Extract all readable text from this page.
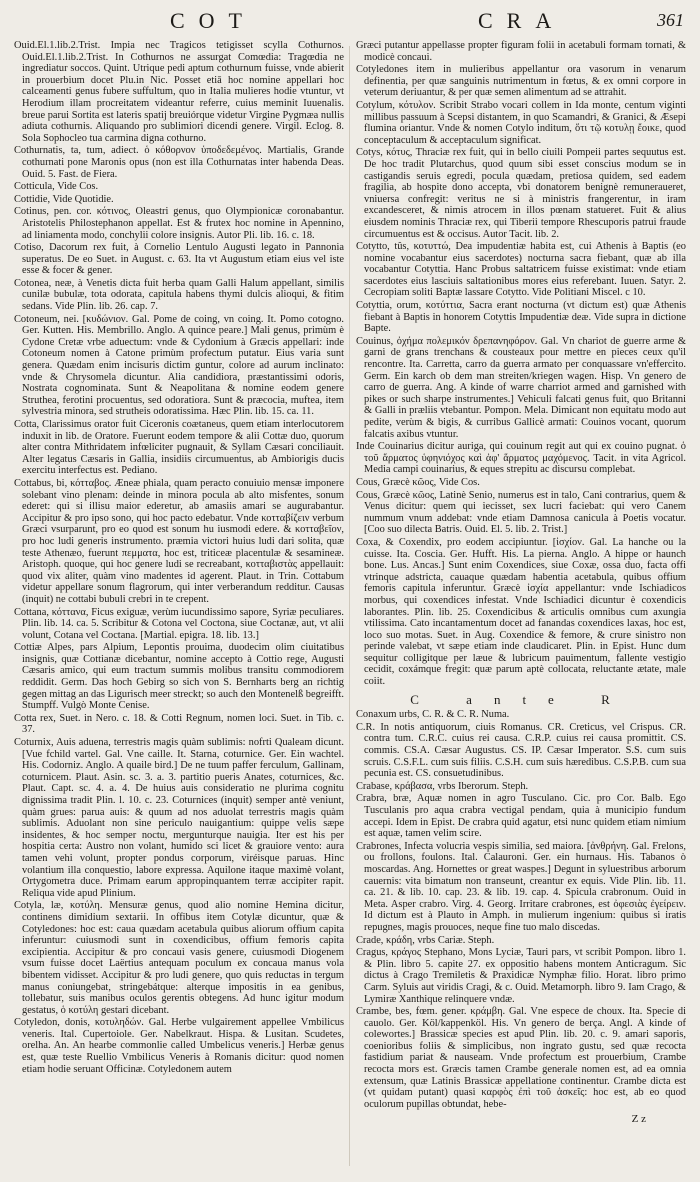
COT	CRA	361

Ouid.El.1.lib.2.Trist. Impia nec Tragicos tetigisset scylla Cothurnos. Ouid.El.1.lib.2.Trist. In Cothurnos ne assurgat Comœdia: Tragœdia ne ingrediatur soccos. Quint. Utrique pedi aptum cothurnum fuisse, vnde abierit in prouerbium docet Plu.in Nic. Posset etiā hoc nomine appellari hoc calceamenti genus fubere suffultum, quo in Italia mulieres hodie vtuntur, vt Herodium illam procreitatem videantur referre, cuius meminit Iuuenalis. breue parui Sortita est lateris spatij breuiórque videtur Virgine Pygmæa nullis adiuta cothurnis. Aliquando pro sublimiori dicendi genere. Virgil. Eclog. 8. Sola Sophocleo tua carmina digna cothurno.

Cothurnatis, ta, tum, adiect. ὁ κόθορνον ὑποδεδεμένος. Martialis, Grande cothurnati pone Maronis opus (non est illa Cothurnatas inter habenda Deas. Ouid. 5. Fast. de Fiera.

Cotticula, Vide Cos.

Cottidie, Vide Quotidie.

Cotinus, pen. cor. κότινος, Oleastri genus, quo Olympionicæ coronabantur. Aristotelis Philostephanon appellat. Est & frutex hoc nomine in Apennino, ad liniamenta modo, conchylii colore insignis. Autor Pli. lib. 16. c. 18.

Cotiso, Dacorum rex fuit, à Cornelio Lentulo Augusti legato in Pannonia superatus. De eo Suet. in August. c. 63. Ita vt Augustum etiam eius vel iste esse & focer & gener.

Cotonea, neæ, à Venetis dicta fuit herba quam Galli Halum appellant, similis cunilæ bubulæ, tota odorata, capitula habens thymi dulcis alioqui, & fitim sedans. Vide Plin. lib. 26. cap. 7.

Cotoneum, nei. [κυδώνιον. Gal. Pome de coing, vn coing. It. Pomo cotogno. Ger. Kutten. His. Membrillo. Anglo. A quince peare.] Mali genus, primùm è Cydone Cretæ vrbe aduectum: vnde & Cydonium à Græcis appellari: inde Cotoneum nomen à Catone primùm profectum putatur. Eius varia sunt genera. Quædam enim incisuris dictim guntur, colore ad aurum inclinato: vnde & Chrysomela dicuntur. Alia candidiora, præstantissimi odoris, Nostrata cognominata. Sunt & Neapolitana & nomine eodem genere Struthea, ferotini procuentus, sed odoratiora. Sunt & præcocia, muftea, item sylvestria minora, sed strutheis odoratissima. Hæc Plin. lib. 15. ca. 11.

Cotta, Clarissimus orator fuit Ciceronis coætaneus, quem etiam interlocutorem induxit in lib. de Oratore. Fuerunt eodem tempore & alii Cottæ duo, quorum alter contra Mithridatem infœliciter pugnauit, & Syllam Cæsari conciliauit. Alter legatus Cæsaris in Gallia, insidiis circumuentus, ab Ambiorigis ducis exercitu interfectus est. Pediano.

Cottabus, bi, κότταβος. Æneæ phiala, quam peracto conuiuio mensæ imponere solebant vino plenam: deinde in minora pocula ab alto misfentes, sonum ederet: qui si illisu maior ederetur, ab amasiis amari se augurabantur. Accipitur & pro ipso sono, qui hoc pacto edebatur. Vnde κοτταβίζειν verbum Græci vsurparunt, pro eo quod est sonum hu iusmodi edere. & κοτταβεῖον, pro hoc ludi generis instrumento. præmia victori huius ludi dari solita, quæ teste Athenæo, fuerunt πεμματα, hoc est, triticeæ placentulæ & sesamineæ. Aristoph. quoque, qui hoc genere ludi se recreabant, κοτταβιστὰς appellauit: quod vix aliter, quàm vino madentes id agerent. Plaut. in Trin. Cottabum videtur appellare sonum flagrorum, qui inter verberandum redditur. Causas (inquit) ne cottabi bubuli crebri in te crepent.

Cottana, κόττανα, Ficus exiguæ, verùm iucundissimo sapore, Syriæ peculiares. Plin. lib. 14. ca. 5. Scribitur & Cotona vel Coctona, siue Coctanæ, aut, vt alii volunt, Cotana vel Coctana. [Martial. epigra. 18. lib. 13.]

Cottiæ Alpes, pars Alpium, Lepontis prouima, duodecim olim ciuitatibus insignis, quæ Cottianæ dicebantur, nomine accepto à Cottio rege, Augusti Cæsaris amico, qui eum tractum summis molibus transitu commodiorem reddidit. Germ. Das hoch Gebirg so sich von S. Bernharts berg an richtig gegen mittag an das Ligurisch meer streckt; so auch den Montenelß begreifft. Stumpff. Vulgò Monte Cenise.

Cotta rex, Suet. in Nero. c. 18. & Cotti Regnum, nomen loci. Suet. in Tib. c. 37.

Coturnix, Auis aduena, terrestris magis quàm sublimis: nofrti Qualeam dicunt. [Vue fchild vartel. Gal. Vne caille. It. Starna, coturnice. Ger. Ein wachtel. His. Codorniz. Anglo. A quaile bird.] De ne tuum paffer ferculum, Gallinam, coturnicem. Plaut. Asin. sc. 3. a. 3. partitio pueris Anates, coturnices, &c. Plaut. Capt. sc. 4. a. 4. De huius auis consideratio ne plurima cognitu dignissima tradit Plin. l. 10. c. 23. Coturnices (inquit) semper antè veniunt, quàm grues: parua auis: & quum ad nos aduolat terrestris magis quàm sublimis. Aduolant non sine periculo nauigantium: quippe velis sæpe insidentes, & hoc semper noctu, mergunturque nauigia. Iter est his per hospitia certa: Austro non volant, humido sci licet & grauiore vento: aura tamen vehi volunt, propter pondus corporum, viréisque paruas. Hinc volantium illa conquestio, labore expressa. Aquilone itaque maximè volant, Ortygometra duce. Primam earum appropinquantem terræ accipiter rapit. Reliqua vide apud Plinium.

Cotyla, læ, κοτύλη. Mensuræ genus, quod alio nomine Hemina dicitur, continens dimidium sextarii. In offibus item Cotylæ dicuntur, quæ & Cotyledones: hoc est: caua quædam acetabula quibus aliorum offium capita inferuntur: cuiusmodi sunt in coxendicibus, offium femoris capita excipientia. Accipitur & pro concaui vasis genere, cuiusmodi Diogenem vsum fuisse docet Laërtius antequam poculum ex concaua manus vola bibentem vidisset. Accipitur & pro ludi genere, quo quis reductas in tergum manus coniungebat, stringebátque: alterque impositis in ea genibus, tollebatur, suis manibus oculos gerentis obtegens. Ad hunc igitur modum gestatus, ὁ κοτύλη gestari dicebant.

Cotyledon, donis, κοτυληδών. Gal. Herbe vulgairement appellee Vmbilicus veneris. Ital. Cupertoiole. Ger. Nabelkraut. Hispa. & Lusitan. Scudetes, orelha. An. An hearbe commonlie called Umbelicus veneris.] Herbæ genus est, quæ teste Ruellio Vmbilicus Veneris à Romanis dicitur: quod nomen etiam hodie seruant Officinæ. Cotyledonem autem

Græci putantur appellasse propter figuram folii in acetabuli formam tornati, & modicè concaui.

Cotyledones item in mulieribus appellantur ora vasorum in venarum definentia, per quæ sanguinis nutrimentum in fœtus, & ex omni corpore in veterum deriuantur, & per quæ semen alimentum ad se attrahit.

Cotylum, κότυλον. Scribit Strabo vocari collem in Ida monte, centum viginti millibus passuum à Scepsi distantem, in quo Scamandri, & Granici, & Æsepi flumina oriantur. Vnde & nomen Cotylo inditum, ὅτι τῷ κοτυλῃ ἔοικε, quod conceptaculum & acceptaculum significat.

Cotys, κότυς, Thraciæ rex fuit, qui in bello ciuili Pompeii partes sequutus est. De hoc tradit Plutarchus, quod quum sibi esset conscius modum se in castigandis seruis egredi, pocula quædam, pretiosa quidem, sed eadem fragilia, ab hospite dono accepta, vbi donatorem benignè remuneraueret, vniuersa confregit: veritus ne si à ministris frangerentur, in iram excandesceret, & nimis atrocem in illos pœnam statueret. Fuit & alius eiusdem nominis Thraciæ rex, qui Tiberii tempore Rhescuporis patrui fraude circumuentus est & occisus. Autor Tacit. lib. 2.

Cotytto, tûs, κοτυττώ, Dea impudentiæ habita est, cui Athenis à Baptis (eo nomine vocabantur eius sacerdotes) nocturna sacra fiebant, quæ ab illa vocabantur Cotyttia. Hanc Probus saltatricem fuisse existimat: vnde etiam sacerdotes eius lasciuis saltationibus mores eius referebant. Iuuen. Satyr. 2. Cecropiam soliti Baptæ lassare Cotytto. Vide Politiani Miscel. c 10.

Cotyttia, orum, κοτύττια, Sacra erant nocturna (vt dictum est) quæ Athenis fiebant à Baptis in honorem Cotyttis Impudentiæ deæ. Vide supra in dictione Bapte.

Couinus, ὀχήμα πολεμικόν δρεπανηφόρον. Gal. Vn chariot de guerre arme & garni de grans trenchans & cousteaux pour mettre en pieces ceux qu'il rencontre. Ita. Carretta, carro da guerra armato per conquassare vn'effercito. Germ. Ein karch ob dem man streiten/kriegen wagen. Hisp. Vn genero de carro de guerra. Ang. A kinde of warre charriot armed and garnished with pikes or such sharpe instrumentes.] Vehiculi falcati genus fuit, quo Britanni & Galli in præliis vtebantur. Pompon. Mela. Dimicant non equitatu modo aut pedite, verùm & bigis, & curribus Gallicè armati: Couinos vocant, quorum falcatis axibus vtuntur.

Inde Couinarius dicitur auriga, qui couinum regit aut qui ex couino pugnat. ὁ τοῦ ἅρματος ὑφηνιόχος καὶ ἀφ' ἅρματος μαχόμενος. Tacit. in vita Agricol. Media campi couinarius, & eques strepitu ac discursu complebat.

Cous, Græcè κῶος, Vide Cos.

Cous, Græcè κῶος, Latinè Senio, numerus est in talo, Cani contrarius, quem & Venus dicitur: quem qui iecisset, sex lucri faciebat: qui vero Canem nummum vnum addebat: vnde etiam Damnosa canicula à Poetis vocatur. [Coo suo dilecta Batris. Ouid. El. 5. lib. 2. Trist.]

Coxa, & Coxendix, pro eodem accipiuntur. [ἰσχίον. Gal. La hanche ou la cuisse. Ita. Coscia. Ger. Hufft. His. La pierna. Anglo. A hippe or haunch bone. Lus. Ancas.] Sunt enim Coxendices, siue Coxæ, ossa duo, facta offi vtrinque adstricta, cauaque quædam habentia acetabula, quibus offium femoris capitula inferuntur. Græcè ἰσχία appellantur: vnde Ischiadicos morbus, qui coxendices infestat. Vnde Ischiadici dicuntur è coxendicis laborantes. Plin. lib. 25. Coxendicibus & articulis omnibus cum axungia vtilissima. Cato incantamentum docet ad fanandas coxendices laxas, hoc est, loco suo motas. Suet. in Aug. Coxendice & femore, & crure sinistro non perinde valebat, vt sæpe etiam inde claudicaret. Plin. in Epist. Hunc dum sequitur colligitque per læue & lubricum pauimentum, fallente vestigio cecidit, coxámque fregit: quæ parum aptè collocata, reluctante ætate, male coiit.

C ante R

Conaxum urbs, C. R. & C. R. Numa.

C.R. In notis antiquorum, ciuis Romanus. CR. Creticus, vel Crispus. CR. contra tum. C.R.C. cuius rei causa. C.R.P. cuius rei causa promittit. CS. commis. CS.A. Cæsar Augustus. CS. IP. Cæsar Imperator. S.S. cum suis scruis. C.S.F.L. cum suis filiis. C.S.H. cum suis hæredibus. C.S.P.B. cum sua pecunia est. CS. consuetudinibus.

Crabase, κράβασα, vrbs Iberorum. Steph.

Crabra, bræ, Aquæ nomen in agro Tusculano. Cic. pro Cor. Balb. Ego Tusculanis pro aqua crabra vectigal pendam, quia à municipio fundum accepi. Idem in Epist. De crabra quid agatur, etsi nunc quidem etiam nimium est aquæ, tamen velim scire.

Crabrones, Infecta volucria vespis similia, sed maiora. [ἀνθρήνη. Gal. Frelons, ou frollons, foulons. Ital. Calauroni. Ger. ein hurnaus. His. Tabanos ò moscardas. Ang. Hornettes or great waspes.] Degunt in syluestribus arborum cauernis: vita bimatum non transeunt, creantur ex equis. Vide Plin. lib. 11. ca. 21. & lib. 10. cap. 23. & lib. 19. cap. 4. Spicula crabronum. Ouid in Meta. Asper crabro. Virg. 4. Georg. Irritare crabrones, est ὀφεσιὰς ἐγείρειν. Id dictum est à Plauto in Amph. in mulierum ingenium: quibus si iratis repugnes, magis prouoces, neque fine tuo malo discedas.

Crade, κράδη, vrbs Cariæ. Steph.

Cragus, κράγος Stephano, Mons Lyciæ, Tauri pars, vt scribit Pompon. libro 1. & Plin. libro 5. capite 27. ex oppositio habens montem Anticragum. Sic dictus à Crago Tremiletis & Praxidicæ Nymphæ filio. Horat. libro primo Carm. Syluis aut viridis Cragi, & c. Ouid. Metamorph. libro 9. Iam Crago, & Lymiræ Xanthique relinquere vndæ.

Crambe, bes, fœm. gener. κράμβη. Gal. Vne espece de choux. Ita. Specie di cauolo. Ger. Köl/kappenköl. His. Vn genero de berça. Angl. A kinde of colewortes.] Brassicæ species est apud Plin. lib. 20. c. 9. amari saporis, coenioribus foliis & simplicibus, non ingrato gustu, sed quæ recocta fastidium pariat & nauseam. Vnde profectum est prouerbium, Crambe recocta mors est. Græcis tamen Crambe generale nomen est, ad ea omnia extensum, quæ Latinis Brassicæ appellatione continentur. Crambe dicta est (vt quidam putant) quasi καρφὸς ἐπὶ τοῦ ἀσκεῖς: hoc est, ab eo quod oculorum pupillas obtundat, hebe-

Z z
